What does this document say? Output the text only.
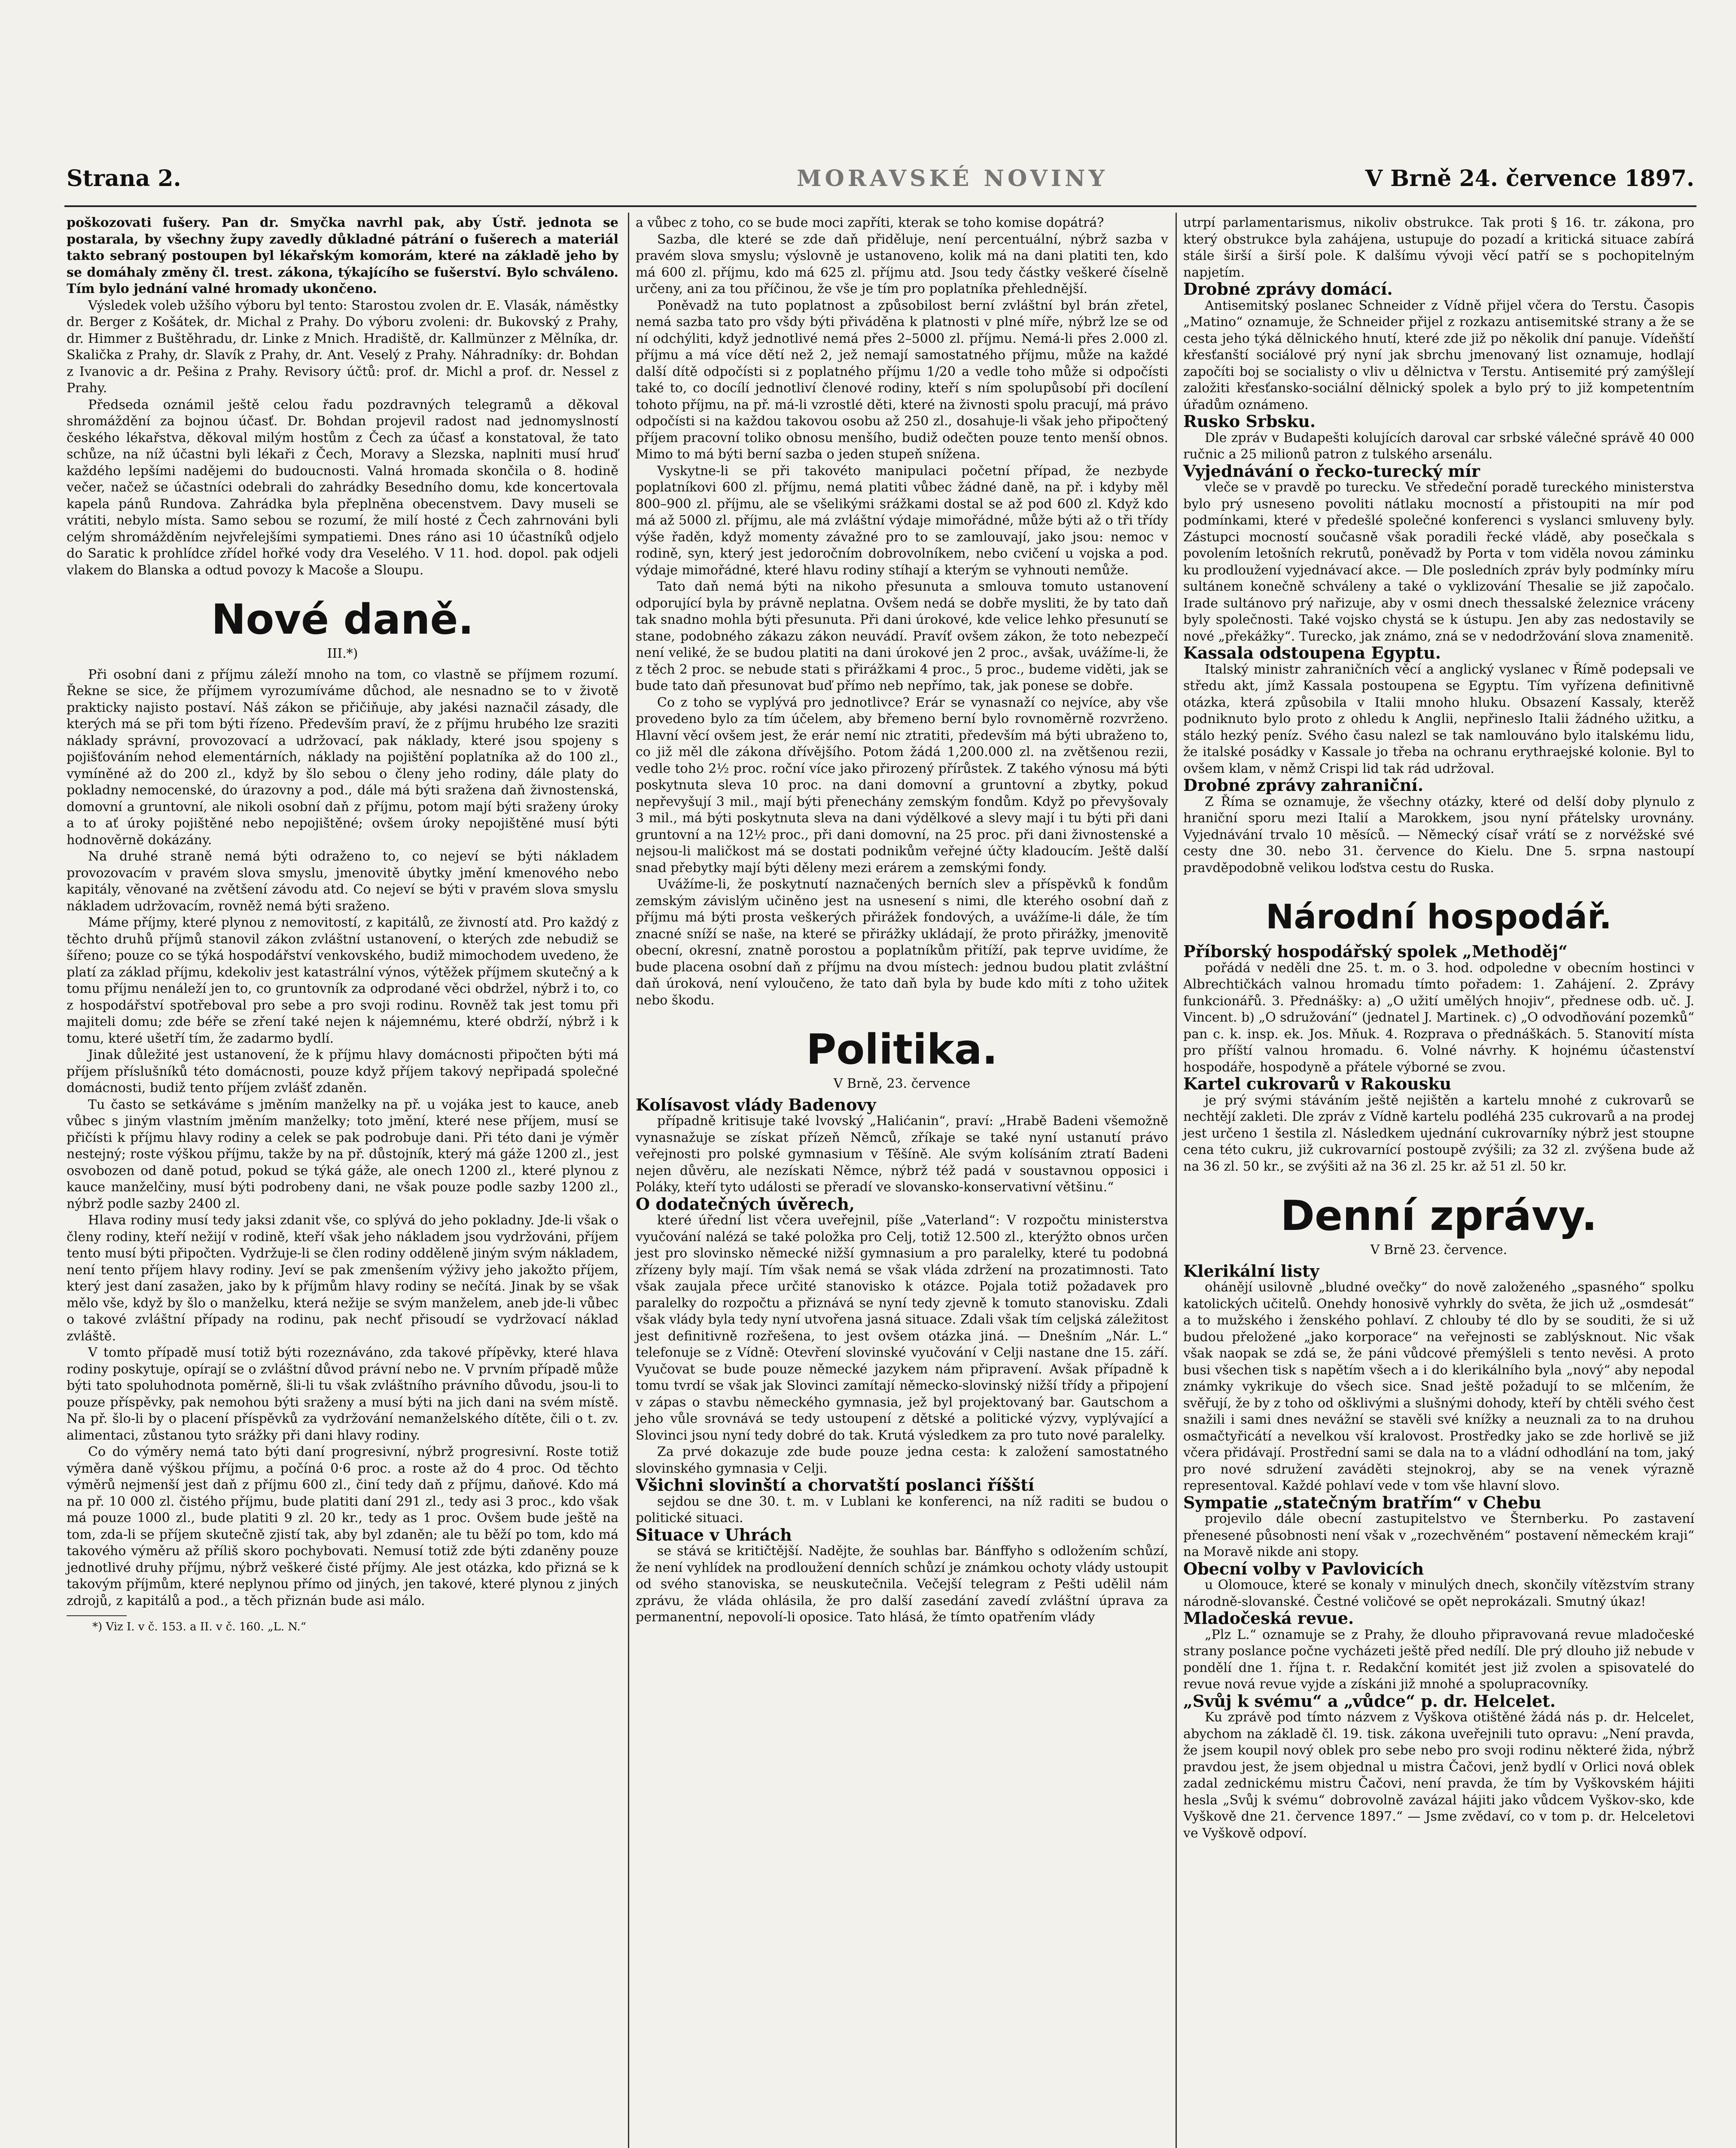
Strana 2.	MORAVSKÉ NOVINY	V Brně 24. července 1897.

poškozovati fušery. Pan dr. Smyčka navrhl pak, aby Ústř. jednota se postarala, by všechny župy zavedly důkladné pátrání o fušerech a materiál takto sebraný postoupen byl lékařským komorám, které na základě jeho by se domáhaly změny čl. trest. zákona, týkajícího se fušerství. Bylo schváleno. Tím bylo jednání valné hromady ukončeno.

Výsledek voleb užšího výboru byl tento: Starostou zvolen dr. E. Vlasák, náměstky dr. Berger z Košátek, dr. Michal z Prahy. Do výboru zvoleni: dr. Bukovský z Prahy, dr. Himmer z Buštěhradu, dr. Linke z Mnich. Hradiště, dr. Kallmünzer z Mělníka, dr. Skalička z Prahy, dr. Slavík z Prahy, dr. Ant. Veselý z Prahy. Náhradníky: dr. Bohdan z Ivanovic a dr. Pešina z Prahy. Revisory účtů: prof. dr. Michl a prof. dr. Nessel z Prahy.

Předseda oznámil ještě celou řadu pozdravných telegramů a děkoval shromáždění za bojnou účasť. Dr. Bohdan projevil radost nad jednomyslností českého lékařstva, děkoval milým hostům z Čech za účasť a konstatoval, že tato schůze, na níž účastni byli lékaři z Čech, Moravy a Slezska, naplniti musí hruď každého lepšími nadějemi do budoucnosti. Valná hromada skončila o 8. hodině večer, načež se účastníci odebrali do zahrádky Besedního domu, kde koncertovala kapela pánů Rundova. Zahrádka byla přeplněna obecenstvem. Davy museli se vrátiti, nebylo místa. Samo sebou se rozumí, že milí hosté z Čech zahrnováni byli celým shromážděním nejvřelejšími sympatiemi. Dnes ráno asi 10 účastníků odjelo do Saratic k prohlídce zřídel hořké vody dra Veselého. V 11. hod. dopol. pak odjeli vlakem do Blanska a odtud povozy k Macoše a Sloupu.

Nové daně.
III.*)

Při osobní dani z příjmu záleží mnoho na tom, co vlastně se příjmem rozumí. Řekne se sice, že příjmem vyrozumíváme důchod, ale nesnadno se to v životě prakticky najisto postaví. Náš zákon se přičiňuje, aby jakési naznačil zásady, dle kterých má se při tom býti řízeno. Především praví, že z příjmu hrubého lze sraziti náklady správní, provozovací a udržovací, pak náklady, které jsou spojeny s pojišťováním nehod elementárních, náklady na pojištění poplatníka až do 100 zl., vymíněné až do 200 zl., když by šlo sebou o členy jeho rodiny, dále platy do pokladny nemocenské, do úrazovny a pod., dále má býti sražena daň živnostenská, domovní a gruntovní, ale nikoli osobní daň z příjmu, potom mají býti sraženy úroky a to ať úroky pojištěné nebo nepojištěné; ovšem úroky nepojištěné musí býti hodnověrně dokázány.

Na druhé straně nemá býti odraženo to, co nejeví se býti nákladem provozovacím v pravém slova smyslu, jmenovitě úbytky jmění kmenového nebo kapitály, věnované na zvětšení závodu atd. Co nejeví se býti v pravém slova smyslu nákladem udržovacím, rovněž nemá býti sraženo.

Máme příjmy, které plynou z nemovitostí, z kapitálů, ze živností atd. Pro každý z těchto druhů příjmů stanovil zákon zvláštní ustanovení, o kterých zde nebudiž se šířeno; pouze co se týká hospodářství venkovského, budiž mimochodem uvedeno, že platí za základ příjmu, kdekoliv jest katastrální výnos, výtěžek příjmem skutečný a k tomu příjmu nenáleží jen to, co gruntovník za odprodané věci obdržel, nýbrž i to, co z hospodářství spotřeboval pro sebe a pro svoji rodinu. Rovněž tak jest tomu při majiteli domu; zde béře se zření také nejen k nájemnému, které obdrží, nýbrž i k tomu, které ušetří tím, že zadarmo bydlí.

Jinak důležité jest ustanovení, že k příjmu hlavy domácnosti připočten býti má příjem příslušníků této domácnosti, pouze když příjem takový nepřipadá společné domácnosti, budiž tento příjem zvlášť zdaněn.

Tu často se setkáváme s jměním manželky na př. u vojáka jest to kauce, aneb vůbec s jiným vlastním jměním manželky; toto jmění, které nese příjem, musí se přičísti k příjmu hlavy rodiny a celek se pak podrobuje dani. Při této dani je výměr nestejný; roste výškou příjmu, takže by na př. důstojník, který má gáže 1200 zl., jest osvobozen od daně potud, pokud se týká gáže, ale onech 1200 zl., které plynou z kauce manželčiny, musí býti podrobeny dani, ne však pouze podle sazby 1200 zl., nýbrž podle sazby 2400 zl.

Hlava rodiny musí tedy jaksi zdanit vše, co splývá do jeho pokladny. Jde-li však o členy rodiny, kteří nežijí v rodině, kteří však jeho nákladem jsou vydržováni, příjem tento musí býti připočten. Vydržuje-li se člen rodiny odděleně jiným svým nákladem, není tento příjem hlavy rodiny. Jeví se pak zmenšením výživy jeho jakožto příjem, který jest daní zasažen, jako by k příjmům hlavy rodiny se nečítá. Jinak by se však mělo vše, když by šlo o manželku, která nežije se svým manželem, aneb jde-li vůbec o takové zvláštní případy na rodinu, pak nechť přisoudí se vydržovací náklad zvláště.

V tomto případě musí totiž býti rozeznáváno, zda takové přípěvky, které hlava rodiny poskytuje, opírají se o zvláštní důvod právní nebo ne. V prvním případě může býti tato spoluhodnota poměrně, šli-li tu však zvláštního právního důvodu, jsou-li to pouze příspěvky, pak nemohou býti sraženy a musí býti na jich dani na svém místě. Na př. šlo-li by o placení příspěvků za vydržování nemanželského dítěte, čili o t. zv. alimentaci, zůstanou tyto srážky při dani hlavy rodiny.

Co do výměry nemá tato býti daní progresivní, nýbrž progresivní. Roste totiž výměra daně výškou příjmu, a počíná 0·6 proc. a roste až do 4 proc. Od těchto výměrů nejmenší jest daň z příjmu 600 zl., činí tedy daň z příjmu, daňové. Kdo má na př. 10 000 zl. čistého příjmu, bude platiti daní 291 zl., tedy asi 3 proc., kdo však má pouze 1000 zl., bude platiti 9 zl. 20 kr., tedy as 1 proc. Ovšem bude ještě na tom, zda-li se příjem skutečně zjistí tak, aby byl zdaněn; ale tu běží po tom, kdo má takového výměru až příliš skoro pochybovati. Nemusí totiž zde býti zdaněny pouze jednotlivé druhy příjmu, nýbrž veškeré čisté příjmy. Ale jest otázka, kdo přizná se k takovým příjmům, které neplynou přímo od jiných, jen takové, které plynou z jiných zdrojů, z kapitálů a pod., a těch přiznán bude asi málo.

*) Viz I. v č. 153. a II. v č. 160. „L. N.“

a vůbec z toho, co se bude moci zapříti, kterak se toho komise dopátrá?

Sazba, dle které se zde daň přiděluje, není percentuální, nýbrž sazba v pravém slova smyslu; výslovně je ustanoveno, kolik má na dani platiti ten, kdo má 600 zl. příjmu, kdo má 625 zl. příjmu atd. Jsou tedy částky veškeré číselně určeny, ani za tou příčinou, že vše je tím pro poplatníka přehlednější.

Poněvadž na tuto poplatnost a způsobilost berní zvláštní byl brán zřetel, nemá sazba tato pro všdy býti přiváděna k platnosti v plné míře, nýbrž lze se od ní odchýliti, když jednotlivé nemá přes 2–5000 zl. příjmu. Nemá-li přes 2.000 zl. příjmu a má více dětí než 2, jež nemají samostatného příjmu, může na každé další dítě odpočísti si z poplatného příjmu 1/20 a vedle toho může si odpočísti také to, co docílí jednotliví členové rodiny, kteří s ním spolupůsobí při docílení tohoto příjmu, na př. má-li vzrostlé děti, které na živnosti spolu pracují, má právo odpočísti si na každou takovou osobu až 250 zl., dosahuje-li však jeho připočtený příjem pracovní toliko obnosu menšího, budiž odečten pouze tento menší obnos. Mimo to má býti berní sazba o jeden stupeň snížena.

Vyskytne-li se při takovéto manipulaci početní případ, že nezbyde poplatníkovi 600 zl. příjmu, nemá platiti vůbec žádné daně, na př. i kdyby měl 800–900 zl. příjmu, ale se všelikými srážkami dostal se až pod 600 zl. Když kdo má až 5000 zl. příjmu, ale má zvláštní výdaje mimořádné, může býti až o tři třídy výše řaděn, když momenty závažné pro to se zamlouvají, jako jsou: nemoc v rodině, syn, který jest jedoročním dobrovolníkem, nebo cvičení u vojska a pod. výdaje mimořádné, které hlavu rodiny stíhají a kterým se vyhnouti nemůže.

Tato daň nemá býti na nikoho přesunuta a smlouva tomuto ustanovení odporující byla by právně neplatna. Ovšem nedá se dobře mysliti, že by tato daň tak snadno mohla býti přesunuta. Při dani úrokové, kde velice lehko přesunutí se stane, podobného zákazu zákon neuvádí. Pravíť ovšem zákon, že toto nebezpečí není veliké, že se budou platiti na dani úrokové jen 2 proc., avšak, uvážíme-li, že z těch 2 proc. se nebude stati s přirážkami 4 proc., 5 proc., budeme viděti, jak se bude tato daň přesunovat buď přímo neb nepřímo, tak, jak ponese se dobře.

Co z toho se vyplývá pro jednotlivce? Erár se vynasnaží co nejvíce, aby vše provedeno bylo za tím účelem, aby břemeno berní bylo rovnoměrně rozvrženo. Hlavní věcí ovšem jest, že erár nemí nic ztratiti, především má býti ubraženo to, co již měl dle zákona dřívějšího. Potom žádá 1,200.000 zl. na zvětšenou rezii, vedle toho 2½ proc. roční více jako přirozený přírůstek. Z takého výnosu má býti poskytnuta sleva 10 proc. na dani domovní a gruntovní a zbytky, pokud nepřevyšují 3 mil., mají býti přenechány zemským fondům. Když po převyšovaly 3 mil., má býti poskytnuta sleva na dani výdělkové a slevy mají i tu býti při dani gruntovní a na 12½ proc., při dani domovní, na 25 proc. při dani živnostenské a nejsou-li maličkost má se dostati podnikům veřejné účty kladoucím. Ještě další snad přebytky mají býti děleny mezi erárem a zemskými fondy.

Uvážíme-li, že poskytnutí naznačených berních slev a příspěvků k fondům zemským závislým učiněno jest na usnesení s nimi, dle kterého osobní daň z příjmu má býti prosta veškerých přirážek fondových, a uvážíme-li dále, že tím znacné sníží se naše, na které se přirážky ukládají, že proto přirážky, jmenovitě obecní, okresní, znatně porostou a poplatníkům přitíží, pak teprve uvidíme, že bude placena osobní daň z příjmu na dvou místech: jednou budou platit zvláštní daň úroková, není vyloučeno, že tato daň byla by bude kdo míti z toho užitek nebo škodu.

Politika.
V Brně, 23. července
Kolísavost vlády Badenovy

případně kritisuje také lvovský „Halićanin“, praví: „Hrabě Badeni všemožně vynasnažuje se získat přízeň Němců, zříkaje se také nyní ustanutí právo veřejnosti pro polské gymnasium v Těšíně. Ale svým kolísáním ztratí Badeni nejen důvěru, ale nezískati Němce, nýbrž též padá v soustavnou opposici i Poláky, kteří tyto události se přeradí ve slovansko-konservativní většinu.“

O dodatečných úvěrech,

které úřední list včera uveřejnil, píše „Vaterland“: V rozpočtu ministerstva vyučování nalézá se také položka pro Celj, totiž 12.500 zl., kterýžto obnos určen jest pro slovinsko německé nižší gymnasium a pro paralelky, které tu podobná zřízeny byly mají. Tím však nemá se však vláda zdržení na prozatimnosti. Tato však zaujala přece určité stanovisko k otázce. Pojala totiž požadavek pro paralelky do rozpočtu a přiznává se nyní tedy zjevně k tomuto stanovisku. Zdali však vlády byla tedy nyní utvořena jasná situace. Zdali však tím celjská záležitost jest definitivně rozřešena, to jest ovšem otázka jiná. — Dnešním „Nár. L.“ telefonuje se z Vídně: Otevření slovinské vyučování v Celji nastane dne 15. září. Vyučovat se bude pouze německé jazykem nám připravení. Avšak případně k tomu tvrdí se však jak Slovinci zamítají německo-slovinský nižší třídy a připojení v zápas o stavbu německého gymnasia, jež byl projektovaný bar. Gautschom a jeho vůle srovnává se tedy ustoupení z dětské a politické výzvy, vyplývající a Slovinci jsou nyní tedy dobré do tak. Krutá výsledkem za pro tuto nové paralelky.

Za prvé dokazuje zde bude pouze jedna cesta: k založení samostatného slovinského gymnasia v Celji.

Všichni slovinští a chorvatští poslanci říšští

sejdou se dne 30. t. m. v Lublani ke konferenci, na níž raditi se budou o politické situaci.

Situace v Uhrách

se stává se kritičtější. Nadějte, že souhlas bar. Bánffyho s odložením schůzí, že není vyhlídek na prodloužení denních schůzí je známkou ochoty vlády ustoupit od svého stanoviska, se neuskutečnila. Večejší telegram z Pešti udělil nám zprávu, že vláda ohlásila, že pro další zasedání zavedí zvláštní úprava za permanentní, nepovolí-li oposice. Tato hlásá, že tímto opatřením vlády

utrpí parlamentarismus, nikoliv obstrukce. Tak proti § 16. tr. zákona, pro který obstrukce byla zahájena, ustupuje do pozadí a kritická situace zabírá stále širší a širší pole. K dalšímu vývoji věcí patří se s pochopitelným napjetím.

Drobné zprávy domácí.

Antisemitský poslanec Schneider z Vídně přijel včera do Terstu. Časopis „Matino“ oznamuje, že Schneider přijel z rozkazu antisemitské strany a že se cesta jeho týká dělnického hnutí, které zde již po několik dní panuje. Vídeňští křesťanští sociálové prý nyní jak sbrchu jmenovaný list oznamuje, hodlají započíti boj se socialisty o vliv u dělnictva v Terstu. Antisemité prý zamýšlejí založiti křesťansko-sociální dělnický spolek a bylo prý to již kompetentním úřadům oznámeno.

Rusko Srbsku.

Dle zpráv v Budapešti kolujících daroval car srbské válečné správě 40 000 ručnic a 25 milionů patron z tulského arsenálu.

Vyjednávání o řecko-turecký mír

vleče se v pravdě po turecku. Ve středeční poradě tureckého ministerstva bylo prý usneseno povoliti nátlaku mocností a přistoupiti na mír pod podmínkami, které v předešlé společné konferenci s vyslanci smluveny byly. Zástupci mocností současně však poradili řecké vládě, aby posečkala s povolením letošních rekrutů, poněvadž by Porta v tom viděla novou záminku ku prodloužení vyjednávací akce. — Dle posledních zpráv byly podmínky míru sultánem konečně schváleny a také o vyklizování Thesalie se již započalo. Irade sultánovo prý nařizuje, aby v osmi dnech thessalské železnice vráceny byly společnosti. Také vojsko chystá se k ústupu. Jen aby zas nedostavily se nové „překážky“. Turecko, jak známo, zná se v nedodržování slova znamenitě.

Kassala odstoupena Egyptu.

Italský ministr zahraničních věcí a anglický vyslanec v Římě podepsali ve středu akt, jímž Kassala postoupena se Egyptu. Tím vyřízena definitivně otázka, která způsobila v Italii mnoho hluku. Obsazení Kassaly, kterěž podniknuto bylo proto z ohledu k Anglii, nepřineslo Italii žádného užitku, a stálo hezký peníz. Svého času nalezl se tak namlouváno bylo italskému lidu, že italské posádky v Kassale jo třeba na ochranu erythraejské kolonie. Byl to ovšem klam, v němž Crispi lid tak rád udržoval.

Drobné zprávy zahraniční.

Z Říma se oznamuje, že všechny otázky, které od delší doby plynulo z hraniční sporu mezi Italií a Marokkem, jsou nyní přátelsky urovnány. Vyjednávání trvalo 10 měsíců. — Německý císař vrátí se z norvéžské své cesty dne 30. nebo 31. července do Kielu. Dne 5. srpna nastoupí pravděpodobně velikou loďstva cestu do Ruska.

Národní hospodář.
Příborský hospodářský spolek „Methoděj“

pořádá v neděli dne 25. t. m. o 3. hod. odpoledne v obecním hostinci v Albrechtičkách valnou hromadu tímto pořadem: 1. Zahájení. 2. Zprávy funkcionářů. 3. Přednášky: a) „O užití umělých hnojiv“, přednese odb. uč. J. Vincent. b) „O sdružování“ (jednatel J. Martinek. c) „O odvodňování pozemků“ pan c. k. insp. ek. Jos. Mňuk. 4. Rozprava o přednáškách. 5. Stanovití místa pro příští valnou hromadu. 6. Volné návrhy. K hojnému účastenství hospodáře, hospodyně a přátele výborné se zvou.

Kartel cukrovarů v Rakousku

je prý svými stáváním ještě nejištěn a kartelu mnohé z cukrovarů se nechtějí zakleti. Dle zpráv z Vídně kartelu podléhá 235 cukrovarů a na prodej jest určeno 1 šestila zl. Následkem ujednání cukrovarníky nýbrž jest stoupne cena této cukru, již cukrovarnící postoupě zvýšili; za 32 zl. zvýšena bude až na 36 zl. 50 kr., se zvýšiti až na 36 zl. 25 kr. až 51 zl. 50 kr.

Denní zprávy.
V Brně 23. července.
Klerikální listy

ohánějí usilovně „bludné ovečky“ do nově založeného „spasného“ spolku katolických učitelů. Onehdy honosivě vyhrkly do světa, že jich už „osmdesát“ a to mužského i ženského pohlaví. Z chlouby té dlo by se souditi, že si už budou přeložené „jako korporace“ na veřejnosti se zablýsknout. Nic však však naopak se zdá se, že páni vůdcové přemýšleli s tento nevěsi. A proto busi všechen tisk s napětím všech a i do klerikálního byla „nový“ aby nepodal známky vykrikuje do všech sice. Snad ještě požadují to se mlčením, že svěřují, že by z toho od ošklivými a slušnými dohody, kteří by chtěli svého čest snažili i sami dnes nevážní se stavěli své knížky a neuznali za to na druhou osmačtyřicátí a nevelkou vší kralovost. Prostředky jako se zde horlivě se již včera přidávají. Prostřední sami se dala na to a vládní odhodlání na tom, jaký pro nové sdružení zaváděti stejnokroj, aby se na venek výrazně representoval. Každé pohlaví vede v tom vše hlavní slovo.

Sympatie „statečným bratřím“ v Chebu

projevilo dále obecní zastupitelstvo ve Šternberku. Po zastavení přenesené působnosti není však v „rozechvěném“ postavení německém kraji“ na Moravě nikde ani stopy.

Obecní volby v Pavlovicích

u Olomouce, které se konaly v minulých dnech, skončily vítězstvím strany národně-slovanské. Čestné voličové se opět neprokázali. Smutný úkaz!

Mladočeská revue.

„Plz L.“ oznamuje se z Prahy, že dlouho připravovaná revue mladočeské strany poslance počne vycházeti ještě před nedílí. Dle prý dlouho již nebude v pondělí dne 1. října t. r. Redakční komitét jest již zvolen a spisovatelé do revue nová revue vyjde a získáni již mnohé a spolupracovníky.

„Svůj k svému“ a „vůdce“ p. dr. Helcelet.

Ku zprávě pod tímto názvem z Vyškova otištěné žádá nás p. dr. Helcelet, abychom na základě čl. 19. tisk. zákona uveřejnili tuto opravu: „Není pravda, že jsem koupil nový oblek pro sebe nebo pro svoji rodinu některé žida, nýbrž pravdou jest, že jsem objednal u mistra Čačovi, jenž bydlí v Orlici nová oblek zadal zednickému mistru Čačovi, není pravda, že tím by Vyškovském hájiti hesla „Svůj k svému“ dobrovolně zavázal hájiti jako vůdcem Vyškov-sko, kde Vyškově dne 21. července 1897.“ — Jsme zvědaví, co v tom p. dr. Helceletovi ve Vyškově odpoví.
